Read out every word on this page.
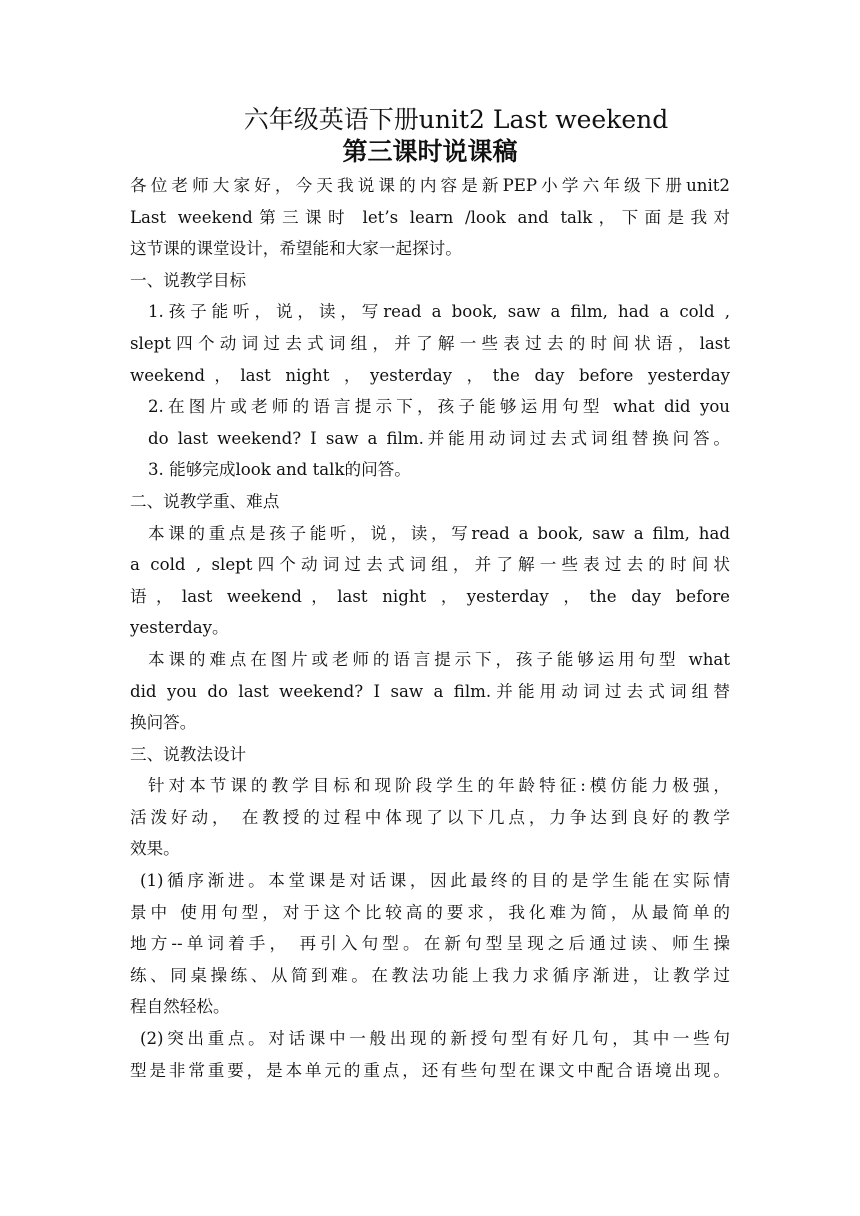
六年级英语下册unit2 Last weekend

第三课时说课稿

各位老师大家好，今天我说课的内容是新PEP小学六年级下册unit2

Last weekend第三课时 let’s learn /look and talk，下面是我对

这节课的课堂设计，希望能和大家一起探讨。

一、说教学目标

1.孩子能听，说，读，写read a book, saw a film, had a cold ,

slept四个动词过去式词组，并了解一些表过去的时间状语，last

weekend，last night ，yesterday ，the day before yesterday

2.在图片或老师的语言提示下，孩子能够运用句型 what did you

do last weekend? I saw a film.并能用动词过去式词组替换问答。

3. 能够完成look and talk的问答。

二、说教学重、难点

本课的重点是孩子能听，说，读，写read a book, saw a film, had

a cold , slept四个动词过去式词组，并了解一些表过去的时间状

语，last weekend，last night ，yesterday ，the day before

yesterday。

本课的难点在图片或老师的语言提示下，孩子能够运用句型 what

did you do last weekend? I saw a film.并能用动词过去式词组替

换问答。

三、说教法设计

针对本节课的教学目标和现阶段学生的年龄特征:模仿能力极强，

活泼好动， 在教授的过程中体现了以下几点，力争达到良好的教学

效果。

(1)循序渐进。本堂课是对话课，因此最终的目的是学生能在实际情

景中 使用句型，对于这个比较高的要求，我化难为简，从最简单的

地方--单词着手， 再引入句型。在新句型呈现之后通过读、师生操

练、同桌操练、从简到难。在教法功能上我力求循序渐进，让教学过

程自然轻松。

(2)突出重点。对话课中一般出现的新授句型有好几句，其中一些句

型是非常重要，是本单元的重点，还有些句型在课文中配合语境出现。
